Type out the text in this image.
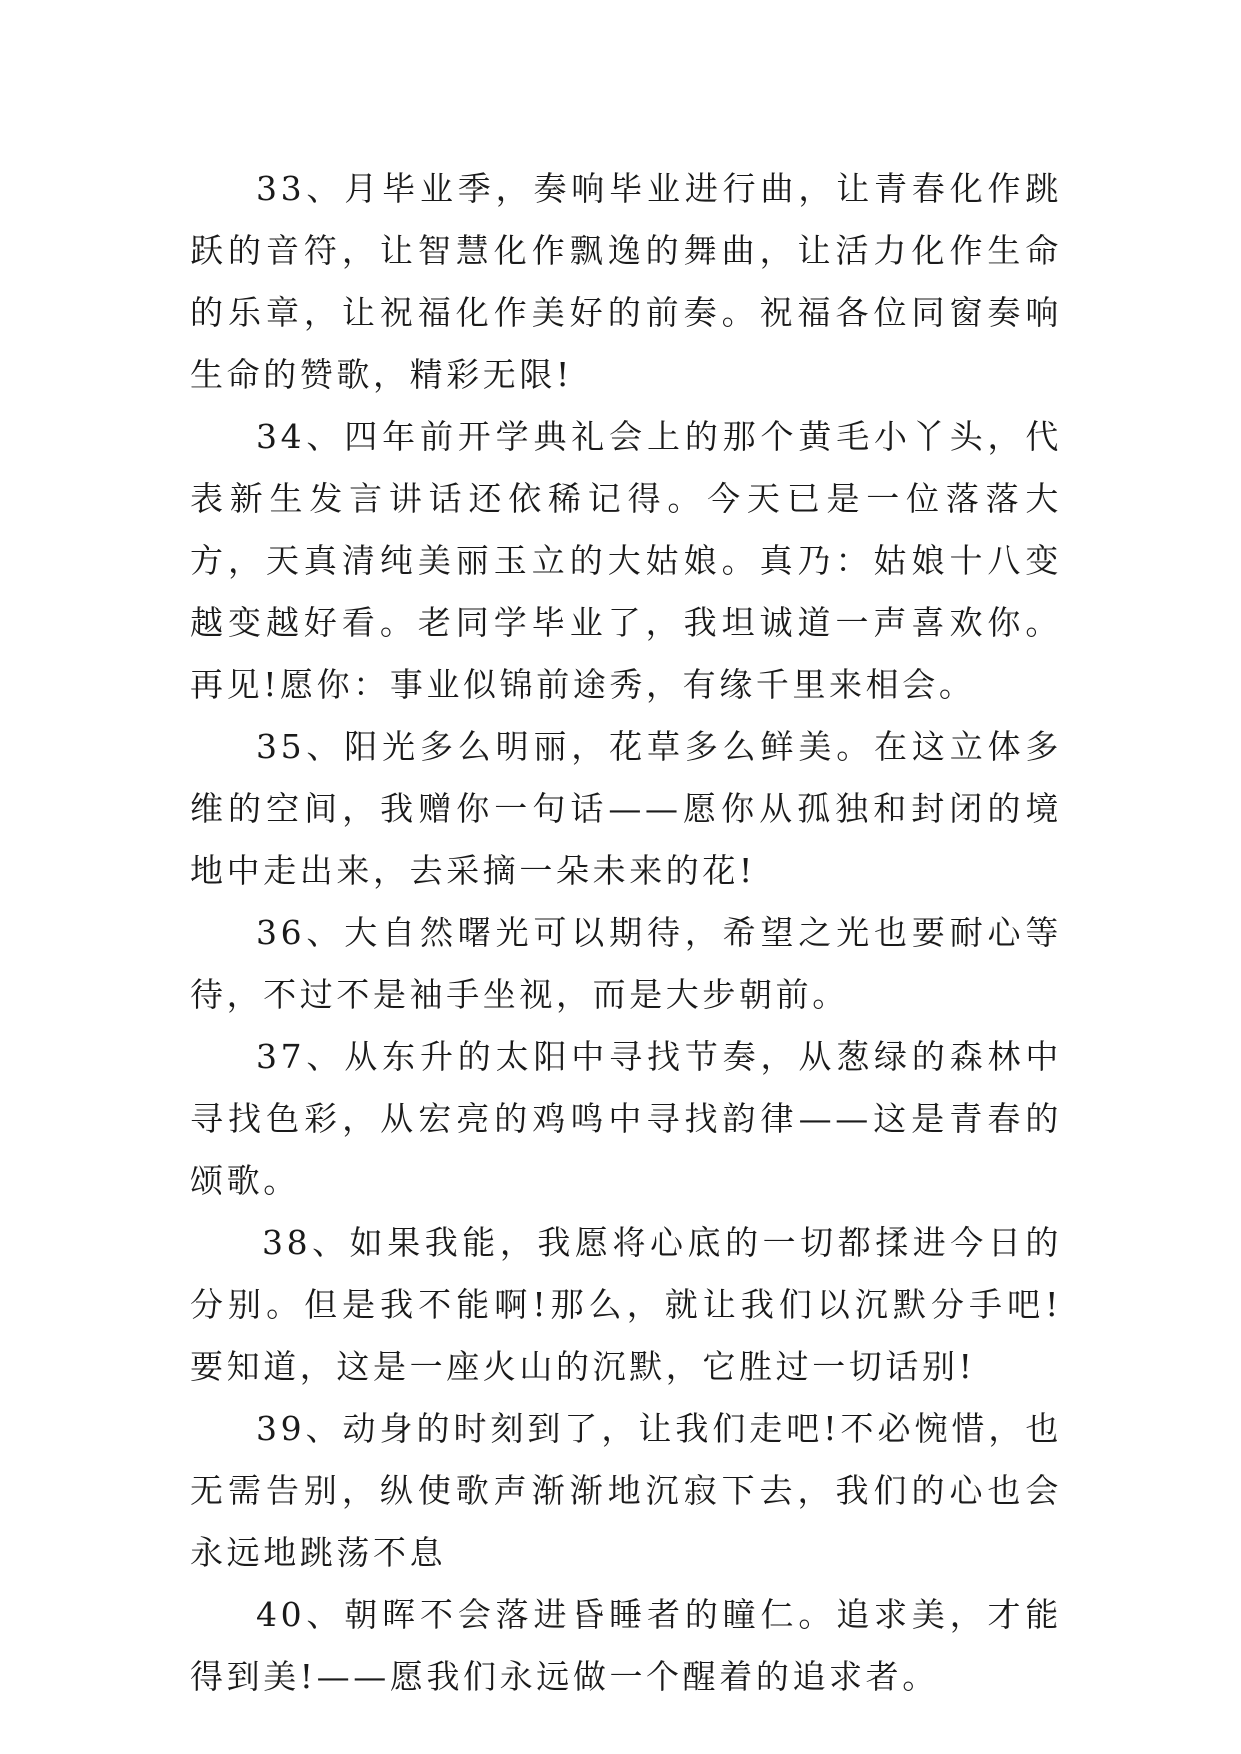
33、月毕业季，奏响毕业进行曲，让青春化作跳跃的音符，让智慧化作飘逸的舞曲，让活力化作生命的乐章，让祝福化作美好的前奏。祝福各位同窗奏响生命的赞歌，精彩无限!

34、四年前开学典礼会上的那个黄毛小丫头，代表新生发言讲话还依稀记得。今天已是一位落落大方，天真清纯美丽玉立的大姑娘。真乃：姑娘十八变越变越好看。老同学毕业了，我坦诚道一声喜欢你。再见!愿你：事业似锦前途秀，有缘千里来相会。

35、阳光多么明丽，花草多么鲜美。在这立体多维的空间，我赠你一句话——愿你从孤独和封闭的境地中走出来，去采摘一朵未来的花!

36、大自然曙光可以期待，希望之光也要耐心等待，不过不是袖手坐视，而是大步朝前。

37、从东升的太阳中寻找节奏，从葱绿的森林中寻找色彩，从宏亮的鸡鸣中寻找韵律——这是青春的颂歌。

38、如果我能，我愿将心底的一切都揉进今日的分别。但是我不能啊!那么，就让我们以沉默分手吧!要知道，这是一座火山的沉默，它胜过一切话别!

39、动身的时刻到了，让我们走吧!不必惋惜，也无需告别，纵使歌声渐渐地沉寂下去，我们的心也会永远地跳荡不息

40、朝晖不会落进昏睡者的瞳仁。追求美，才能得到美!——愿我们永远做一个醒着的追求者。
